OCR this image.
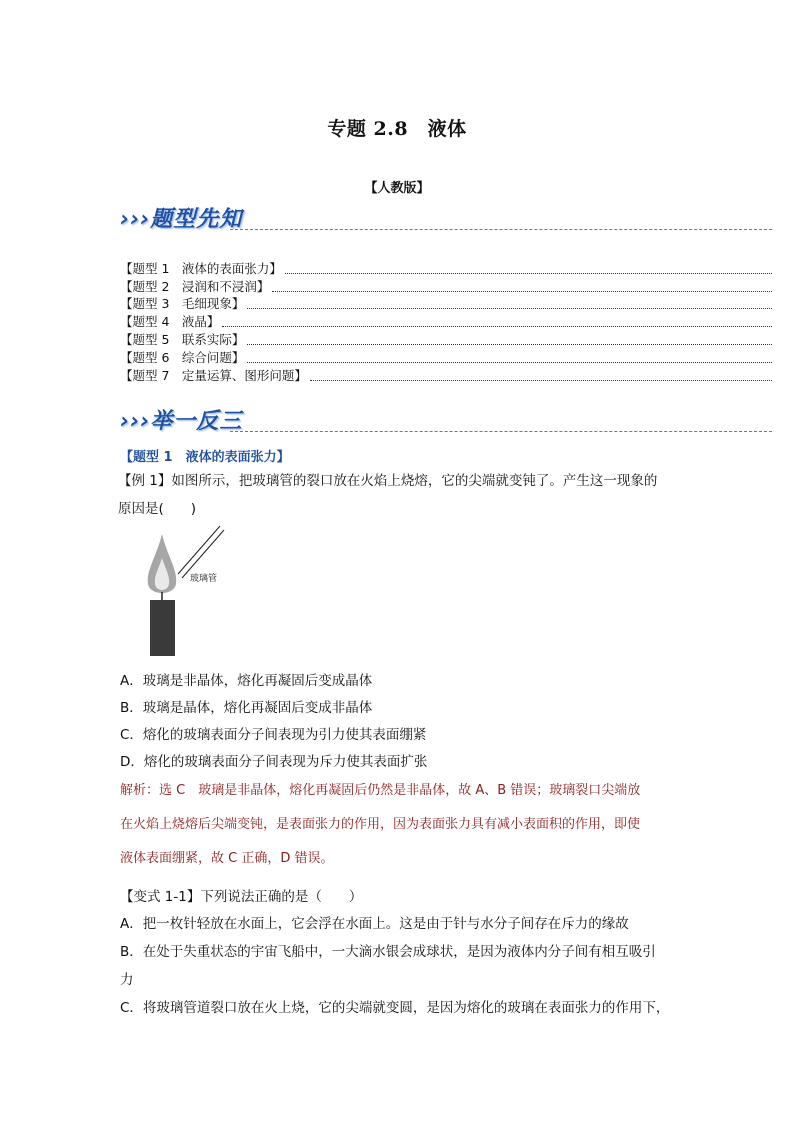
专题 2.8　液体
【人教版】
›››题型先知
【题型 1　液体的表面张力】
【题型 2　浸润和不浸润】
【题型 3　毛细现象】
【题型 4　液晶】
【题型 5　联系实际】
【题型 6　综合问题】
【题型 7　定量运算、图形问题】
›››举一反三
【题型 1　液体的表面张力】
【例 1】如图所示，把玻璃管的裂口放在火焰上烧熔，它的尖端就变钝了。产生这一现象的
原因是(　　)
玻璃管
A．玻璃是非晶体，熔化再凝固后变成晶体
B．玻璃是晶体，熔化再凝固后变成非晶体
C．熔化的玻璃表面分子间表现为引力使其表面绷紧
D．熔化的玻璃表面分子间表现为斥力使其表面扩张
解析：选 C　玻璃是非晶体，熔化再凝固后仍然是非晶体，故 A、B 错误；玻璃裂口尖端放
在火焰上烧熔后尖端变钝，是表面张力的作用，因为表面张力具有减小表面积的作用，即使
液体表面绷紧，故 C 正确，D 错误。
【变式 1-1】下列说法正确的是（　　）
A．把一枚针轻放在水面上，它会浮在水面上。这是由于针与水分子间存在斥力的缘故
B．在处于失重状态的宇宙飞船中，一大滴水银会成球状，是因为液体内分子间有相互吸引
力
C．将玻璃管道裂口放在火上烧，它的尖端就变圆，是因为熔化的玻璃在表面张力的作用下，
